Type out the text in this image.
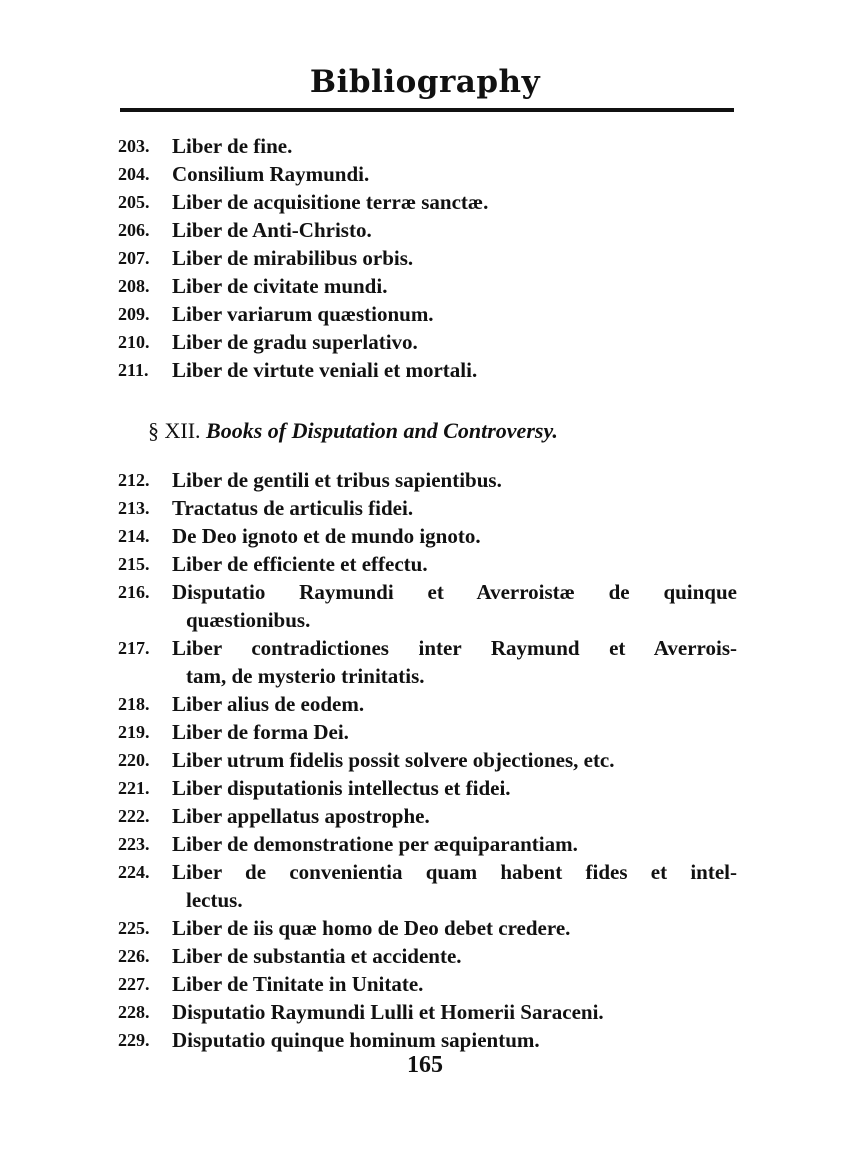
Bibliography
203.	Liber de fine.
204.	Consilium Raymundi.
205.	Liber de acquisitione terræ sanctæ.
206.	Liber de Anti-Christo.
207.	Liber de mirabilibus orbis.
208.	Liber de civitate mundi.
209.	Liber variarum quæstionum.
210.	Liber de gradu superlativo.
211.	Liber de virtute veniali et mortali.
§ XII. Books of Disputation and Controversy.
212.	Liber de gentili et tribus sapientibus.
213.	Tractatus de articulis fidei.
214.	De Deo ignoto et de mundo ignoto.
215.	Liber de efficiente et effectu.
216.	Disputatio Raymundi et Averroistæ de quinque
quæstionibus.
217.	Liber contradictiones inter Raymund et Averrois-
tam, de mysterio trinitatis.
218.	Liber alius de eodem.
219.	Liber de forma Dei.
220.	Liber utrum fidelis possit solvere objectiones, etc.
221.	Liber disputationis intellectus et fidei.
222.	Liber appellatus apostrophe.
223.	Liber de demonstratione per æquiparantiam.
224.	Liber de convenientia quam habent fides et intel-
lectus.
225.	Liber de iis quæ homo de Deo debet credere.
226.	Liber de substantia et accidente.
227.	Liber de Tinitate in Unitate.
228.	Disputatio Raymundi Lulli et Homerii Saraceni.
229.	Disputatio quinque hominum sapientum.
165
